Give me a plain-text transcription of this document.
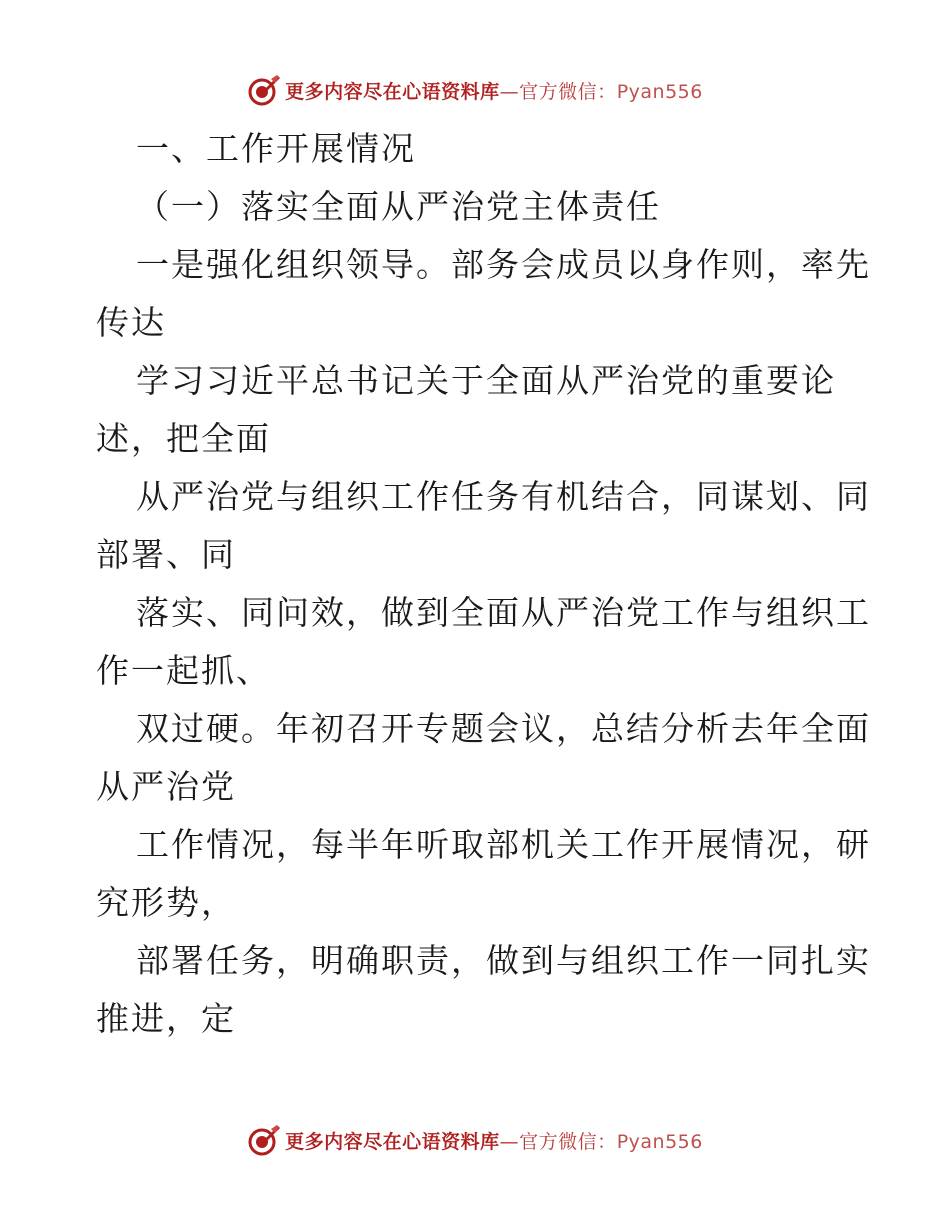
更多内容尽在心语资料库—官方微信：Pyan556
一、工作开展情况
（一）落实全面从严治党主体责任
一是强化组织领导。部务会成员以身作则，率先
传达
学习习近平总书记关于全面从严治党的重要论
述，把全面
从严治党与组织工作任务有机结合，同谋划、同
部署、同
落实、同问效，做到全面从严治党工作与组织工
作一起抓、
双过硬。年初召开专题会议，总结分析去年全面
从严治党
工作情况，每半年听取部机关工作开展情况，研
究形势，
部署任务，明确职责，做到与组织工作一同扎实
推进，定
更多内容尽在心语资料库—官方微信：Pyan556
